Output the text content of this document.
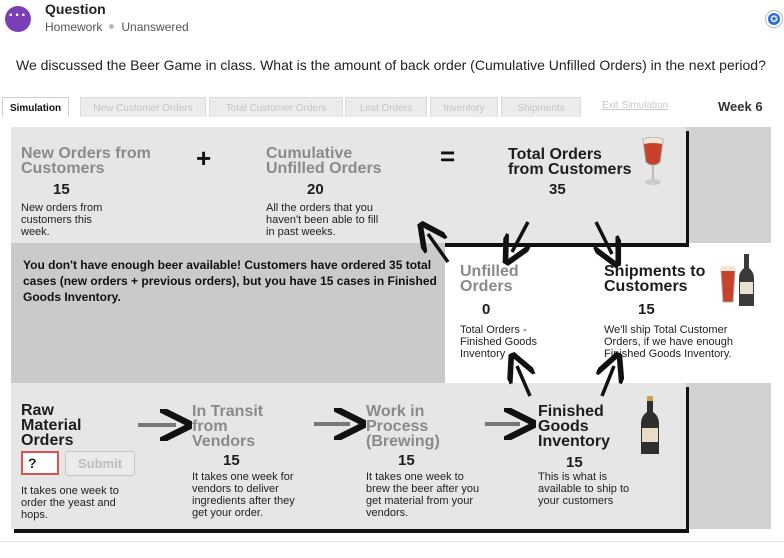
··· Question
Homework Unanswered
✪
We discussed the Beer Game in class. What is the amount of back order (Cumulative Unfilled Orders) in the next period?
Simulation	New Customer Orders	Total Customer Orders	Lost Orders	Inventory	Shipments	Exit Simulation	Week 6
New Orders from
Customers
15
New orders from
customers this
week.
+	Cumulative
Unfilled Orders
20
All the orders that you
haven't been able to fill
in past weeks.
=	Total Orders
from Customers
35
You don't have enough beer available! Customers have ordered 35 total cases (new orders + previous orders), but you have 15 cases in Finished Goods Inventory.
Unfilled
Orders
0
Total Orders -
Finished Goods
Inventory
Shipments to
Customers
15
We'll ship Total Customer
Orders, if we have enough
Finished Goods Inventory.
Raw
Material
Orders
?	Submit
It takes one week to
order the yeast and
hops.
In Transit
from
Vendors
15
It takes one week for
vendors to deliver
ingredients after they
get your order.
Work in
Process
(Brewing)
15
It takes one week to
brew the beer after you
get material from your
vendors.
Finished
Goods
Inventory
15
This is what is
available to ship to
your customers
